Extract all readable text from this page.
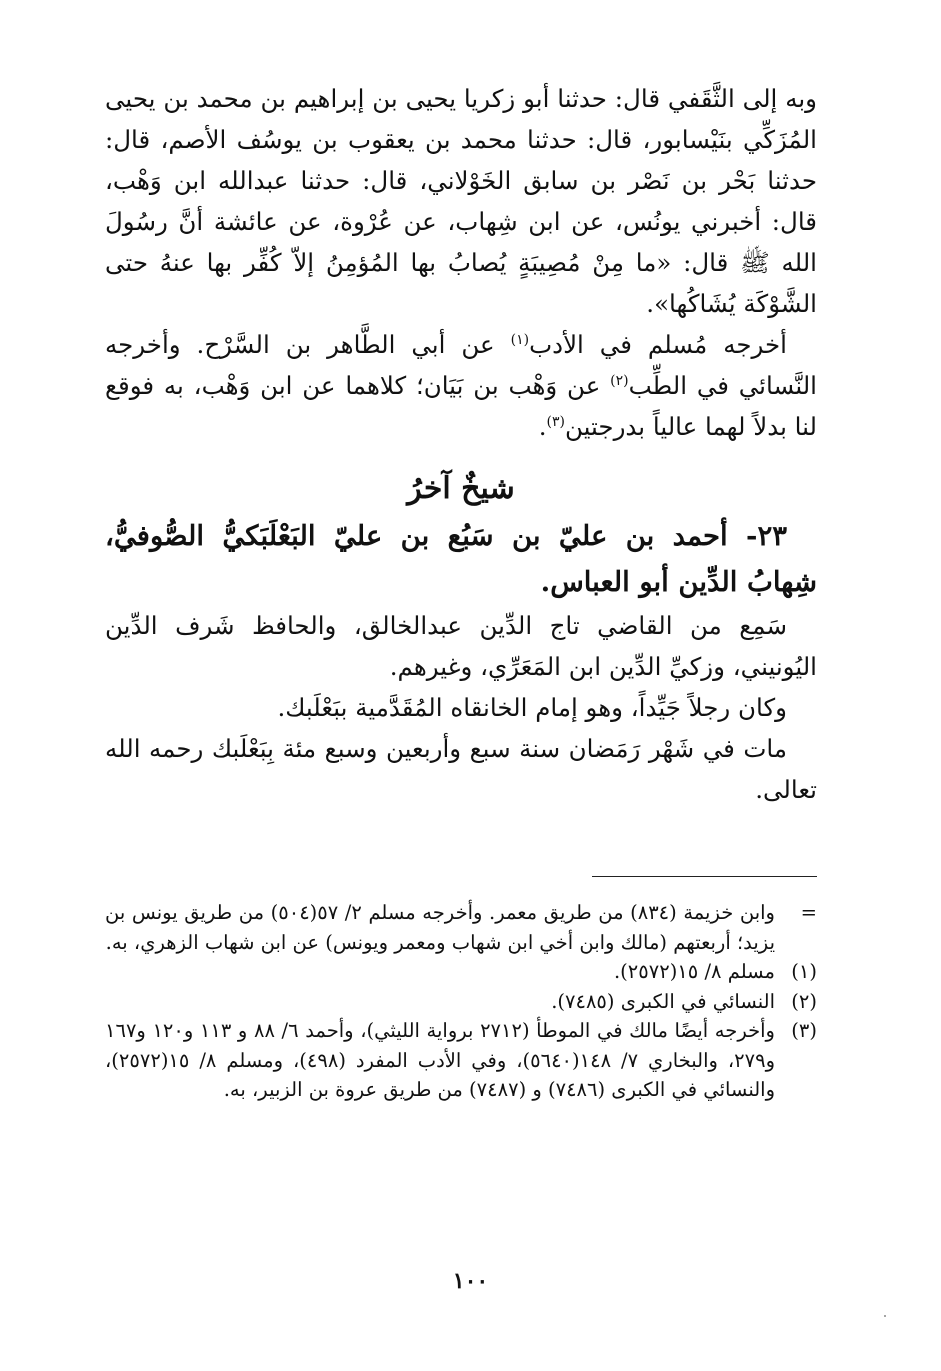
وبه إلى الثَّقَفي قال: حدثنا أبو زكريا يحيى بن إبراهيم بن محمد بن يحيى المُزَكِّي بنَيْسابور، قال: حدثنا محمد بن يعقوب بن يوسُف الأصم، قال: حدثنا بَحْر بن نَصْر بن سابق الخَوْلاني، قال: حدثنا عبدالله ابن وَهْب، قال: أخبرني يونُس، عن ابن شِهاب، عن عُرْوة، عن عائشة أنَّ رسُولَ الله ﷺ قال: «ما مِنْ مُصِيبَةٍ يُصابُ بها المُؤمِنُ إلاّ كُفِّر بها عنهُ حتى الشَّوْكَة يُشَاكُها».

أخرجه مُسلم في الأدب$^{(١)}$ عن أبي الطَّاهر بن السَّرْح. وأخرجه النَّسائي في الطِّب$^{(٢)}$ عن وَهْب بن بَيَان؛ كلاهما عن ابن وَهْب، به فوقع لنا بدلاً لهما عالياً بدرجتين$^{(٣)}$.

شيخٌ آخرُ

٢٣- أحمد بن عليّ بن سَبُع بن عليّ البَعْلَبَكيُّ الصُّوفيُّ، شِهابُ الدِّين أبو العباس.

سَمِع من القاضي تاج الدِّين عبدالخالق، والحافظ شَرف الدِّين اليُونيني، وزكيِّ الدِّين ابن المَعَرِّي، وغيرهم.

وكان رجلاً جَيِّداً، وهو إمام الخانقاه المُقَدَّمية ببَعْلَبك.

مات في شَهْر رَمَضان سنة سبع وأربعين وسبع مئة بِبَعْلَبك رحمه الله تعالى.

=
وابن خزيمة (٨٣٤) من طريق معمر. وأخرجه مسلم ٢/ ٥٧(٥٠٤) من طريق يونس بن يزيد؛ أربعتهم (مالك وابن أخي ابن شهاب ومعمر ويونس) عن ابن شهاب الزهري، به.
(١)
مسلم ٨/ ١٥(٢٥٧٢).
(٢)
النسائي في الكبرى (٧٤٨٥).
(٣)
وأخرجه أيضًا مالك في الموطأ (٢٧١٢ برواية الليثي)، وأحمد ٦/ ٨٨ و ١١٣ و١٢٠ و١٦٧ و٢٧٩، والبخاري ٧/ ١٤٨(٥٦٤٠)، وفي الأدب المفرد (٤٩٨)، ومسلم ٨/ ١٥(٢٥٧٢)، والنسائي في الكبرى (٧٤٨٦) و (٧٤٨٧) من طريق عروة بن الزبير، به.
١٠٠
